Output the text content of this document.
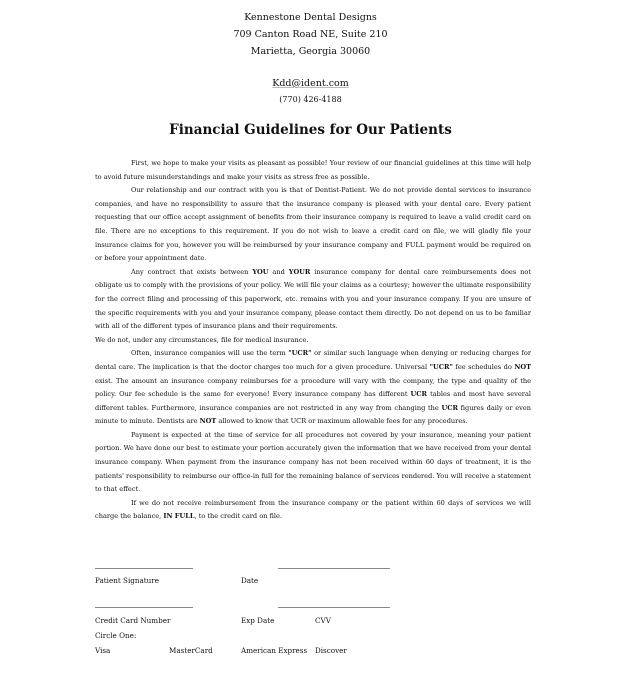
Kennestone Dental Designs
709 Canton Road NE, Suite 210
Marietta, Georgia 30060
Kdd@ident.com
(770) 426-4188
Financial Guidelines for Our Patients

First, we hope to make your visits as pleasant as possible! Your review of our financial guidelines at this time will help to avoid future misunderstandings and make your visits as stress free as possible.

Our relationship and our contract with you is that of Dentist-Patient. We do not provide dental services to insurance companies, and have no responsibility to assure that the insurance company is pleased with your dental care. Every patient requesting that our office accept assignment of benefits from their insurance company is required to leave a valid credit card on file. There are no exceptions to this requirement. If you do not wish to leave a credit card on file, we will gladly file your insurance claims for you, however you will be reimbursed by your insurance company and FULL payment would be required on or before your appointment date.

Any contract that exists between YOU and YOUR insurance company for dental care reimbursements does not obligate us to comply with the provisions of your policy. We will file your claims as a courtesy; however the ultimate responsibility for the correct filing and processing of this paperwork, etc. remains with you and your insurance company. If you are unsure of the specific requirements with you and your insurance company, please contact them directly. Do not depend on us to be familiar with all of the different types of insurance plans and their requirements.

We do not, under any circumstances, file for medical insurance.

Often, insurance companies will use the term "UCR" or similar such language when denying or reducing charges for dental care. The implication is that the doctor charges too much for a given procedure. Universal "UCR" fee schedules do NOT exist. The amount an insurance company reimburses for a procedure will vary with the company, the type and quality of the policy. Our fee schedule is the same for everyone! Every insurance company has different UCR tables and most have several different tables. Furthermore, insurance companies are not restricted in any way from changing the UCR figures daily or even minute to minute. Dentists are NOT allowed to know that UCR or maximum allowable fees for any procedures.

Payment is expected at the time of service for all procedures not covered by your insurance, meaning your patient portion. We have done our best to estimate your portion accurately given the information that we have received from your dental insurance company. When payment from the insurance company has not been received within 60 days of treatment, it is the patients' responsibility to reimburse our office-in full for the remaining balance of services rendered. You will receive a statement to that effect.

If we do not receive reimbursement from the insurance company or the patient within 60 days of services we will charge the balance, IN FULL, to the credit card on file.

Patient Signature	Date
Credit Card Number	Exp Date	CVV
Circle One:
Visa	MasterCard	American Express Discover
